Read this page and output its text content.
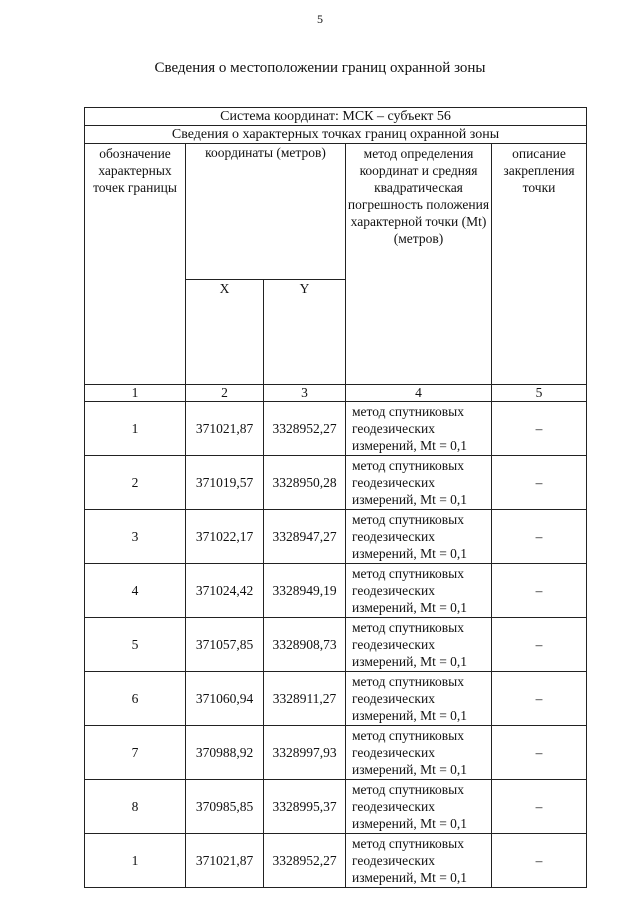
5
Сведения о местоположении границ охранной зоны
Система координат: МСК – субъект 56				
Сведения о характерных точках границ охранной зоны				
обозначение характерных точек границы	координаты (метров)		метод определения координат и средняя квадратическая погрешность положения характерной точки (Mt) (метров)	описание закрепления точки
	X	Y		
1	2	3	4	5
1	371021,87	3328952,27	метод спутниковых геодезических измерений, Mt = 0,1	–
2	371019,57	3328950,28	метод спутниковых геодезических измерений, Mt = 0,1	–
3	371022,17	3328947,27	метод спутниковых геодезических измерений, Mt = 0,1	–
4	371024,42	3328949,19	метод спутниковых геодезических измерений, Mt = 0,1	–
5	371057,85	3328908,73	метод спутниковых геодезических измерений, Mt = 0,1	–
6	371060,94	3328911,27	метод спутниковых геодезических измерений, Mt = 0,1	–
7	370988,92	3328997,93	метод спутниковых геодезических измерений, Mt = 0,1	–
8	370985,85	3328995,37	метод спутниковых геодезических измерений, Mt = 0,1	–
1	371021,87	3328952,27	метод спутниковых геодезических измерений, Mt = 0,1	–
